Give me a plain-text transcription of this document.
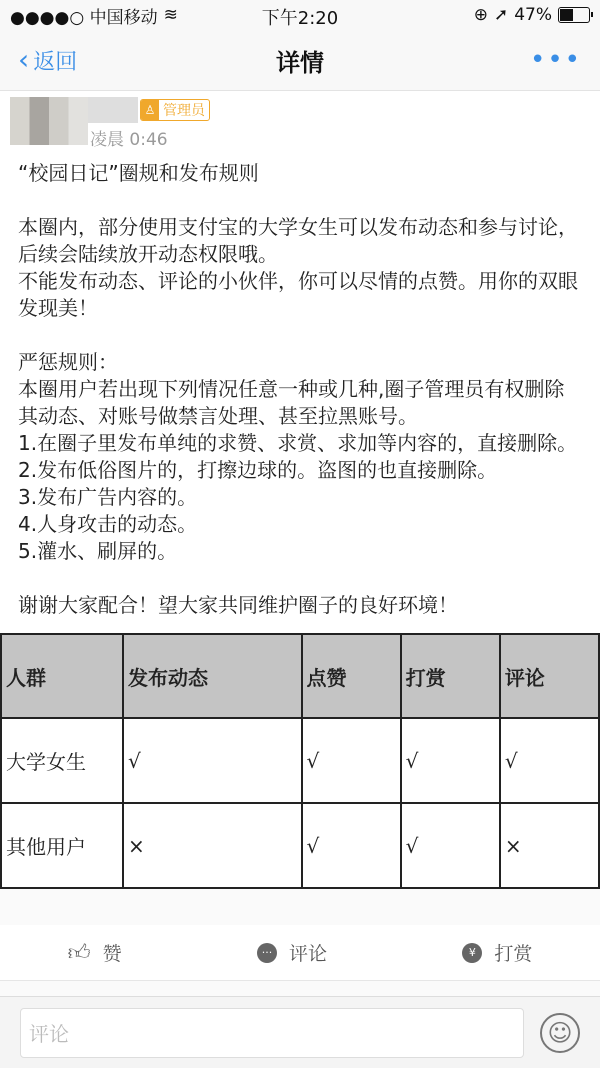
●●●●○ 中国移动 ≋	下午2:20	⊕ ➚ 47%
‹ 返回	详情	•••
♙ 管理员
凌晨 0:46

“校园日记”圈规和发布规则

本圈内，部分使用支付宝的大学女生可以发布动态和参与讨论，后续会陆续放开动态权限哦。

不能发布动态、评论的小伙伴，你可以尽情的点赞。用你的双眼发现美！

严惩规则：

本圈用户若出现下列情况任意一种或几种,圈子管理员有权删除其动态、对账号做禁言处理、甚至拉黑账号。

1.在圈子里发布单纯的求赞、求赏、求加等内容的，直接删除。

2.发布低俗图片的，打擦边球的。盗图的也直接删除。

3.发布广告内容的。

4.人身攻击的动态。

5.灌水、刷屏的。

谢谢大家配合！望大家共同维护圈子的良好环境！

人群	发布动态	点赞	打赏	评论
大学女生	√	√	√	√
其他用户	×	√	√	×
👍︎ 赞	··· 评论	¥ 打赏
评论	☺
